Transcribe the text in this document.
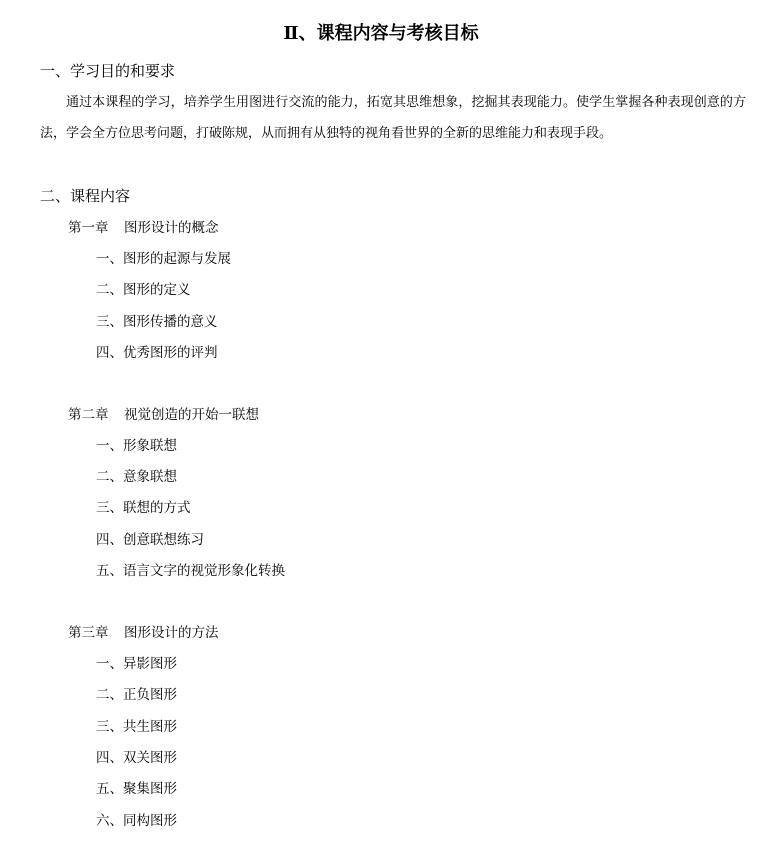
Ⅱ、课程内容与考核目标
一、学习目的和要求
通过本课程的学习，培养学生用图进行交流的能力，拓宽其思维想象，挖掘其表现能力。使学生掌握各种表现创意的方法，学会全方位思考问题，打破陈规，从而拥有从独特的视角看世界的全新的思维能力和表现手段。
二、课程内容
第一章 图形设计的概念
一、图形的起源与发展
二、图形的定义
三、图形传播的意义
四、优秀图形的评判
第二章 视觉创造的开始一联想
一、形象联想
二、意象联想
三、联想的方式
四、创意联想练习
五、语言文字的视觉形象化转换
第三章 图形设计的方法
一、异影图形
二、正负图形
三、共生图形
四、双关图形
五、聚集图形
六、同构图形
